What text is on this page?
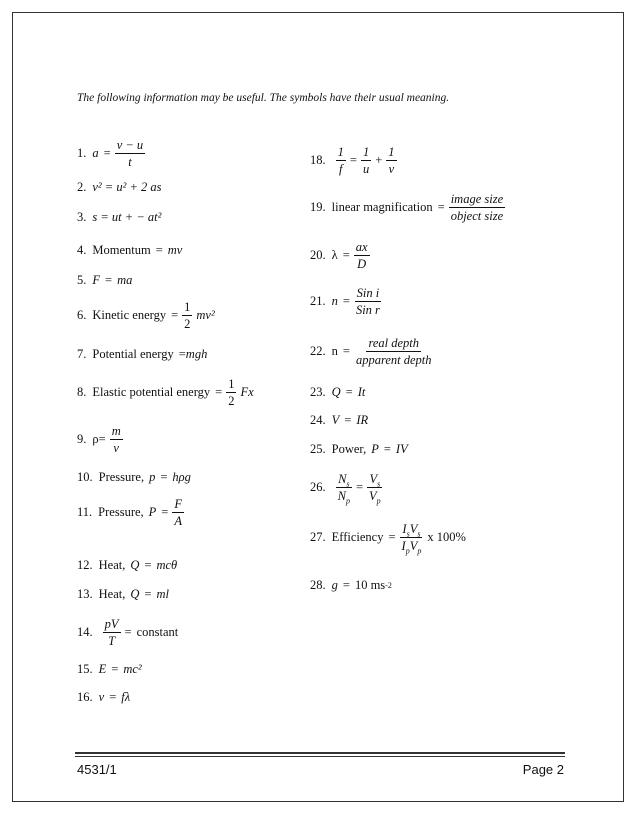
The following information may be useful. The symbols have their usual meaning.
1. $a = \frac{v - u}{t}$
2. v² = u² + 2 as
3. s = ut + − at²
4. Momentum = mv
5. F = ma
6. Kinetic energy = $\frac{1}{2} mv^2$
7. Potential energy = mgh
8. Elastic potential energy = $\frac{1}{2}$ Fx
9. $\rho = \frac{m}{v}$
10. Pressure, p = hρg
11. Pressure, $P = \frac{F}{A}$
12. Heat, Q = mcθ
13. Heat, Q = ml
14. $\frac{pV}{T}$ = constant
15. E = mc²
16. v = fλ
18. $\frac{1}{f} = \frac{1}{u} + \frac{1}{v}$
19. linear magnification = $\frac{\text{image size}}{\text{object size}}$
20. $\lambda = \frac{ax}{D}$
21. $n = \frac{\text{Sin i}}{\text{Sin r}}$
22. $n = \frac{\text{real depth}}{\text{apparent depth}}$
23. Q = It
24. V = IR
25. Power, P = IV
26. $\frac{N_s}{N_p} = \frac{V_s}{V_p}$
27. Efficiency = $\frac{I_sV_s}{I_pV_p}$ x 100%
28. g = 10 ms -2
4531/1	Page 2
